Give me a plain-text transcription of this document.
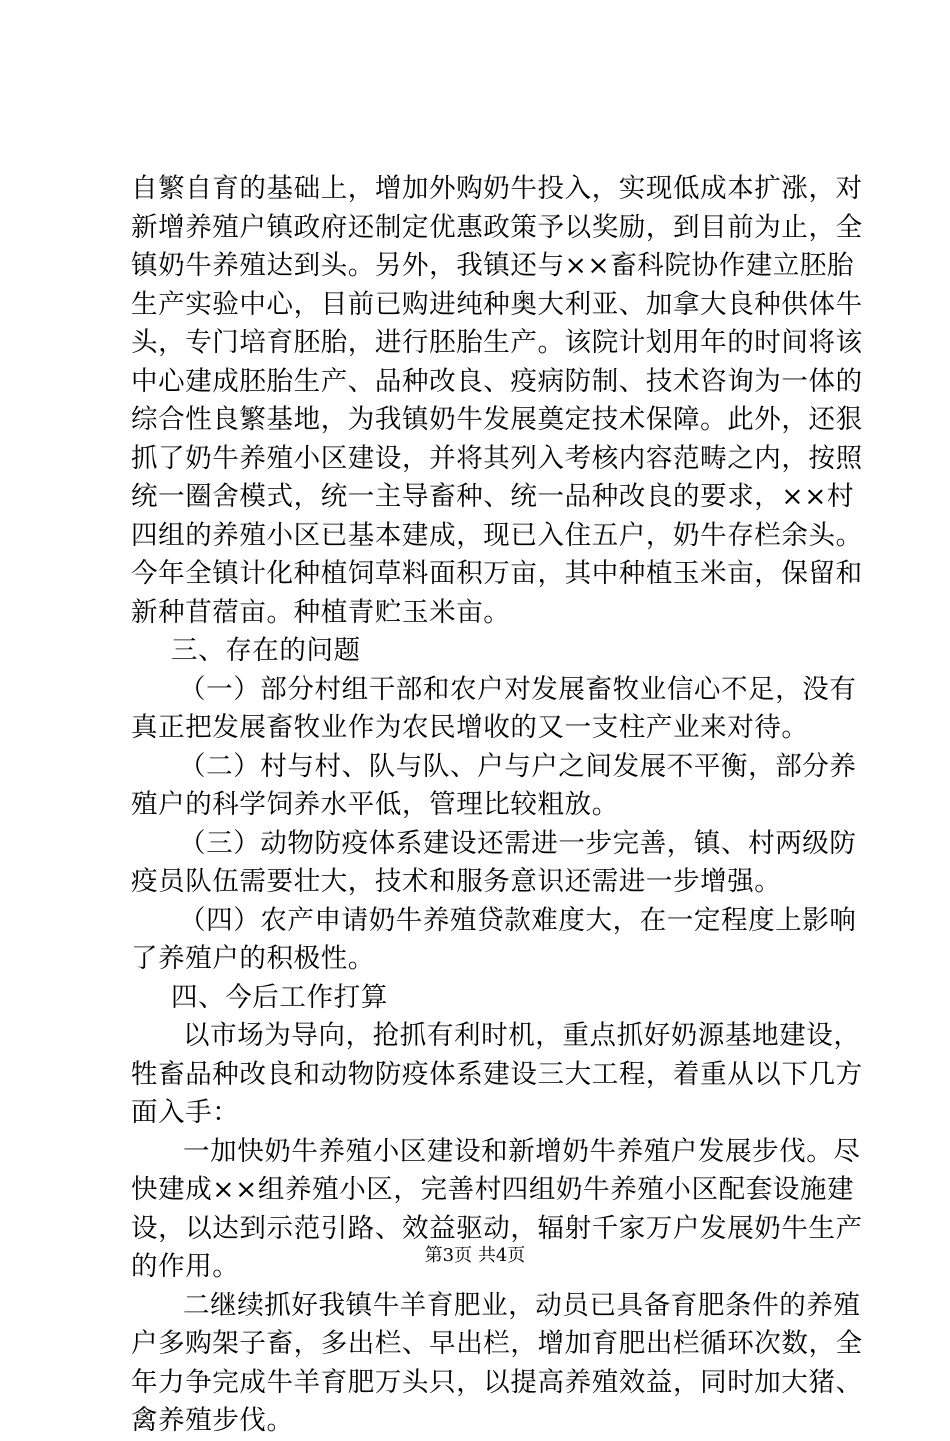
自繁自育的基础上，增加外购奶牛投入，实现低成本扩涨，对
新增养殖户镇政府还制定优惠政策予以奖励，到目前为止，全
镇奶牛养殖达到头。另外，我镇还与××畜科院协作建立胚胎
生产实验中心，目前已购进纯种奥大利亚、加拿大良种供体牛
头，专门培育胚胎，进行胚胎生产。该院计划用年的时间将该
中心建成胚胎生产、品种改良、疫病防制、技术咨询为一体的
综合性良繁基地，为我镇奶牛发展奠定技术保障。此外，还狠
抓了奶牛养殖小区建设，并将其列入考核内容范畴之内，按照
统一圈舍模式，统一主导畜种、统一品种改良的要求，××村
四组的养殖小区已基本建成，现已入住五户，奶牛存栏余头。
今年全镇计化种植饲草料面积万亩，其中种植玉米亩，保留和
新种苜蓿亩。种植青贮玉米亩。
三、存在的问题
（一）部分村组干部和农户对发展畜牧业信心不足，没有
真正把发展畜牧业作为农民增收的又一支柱产业来对待。
（二）村与村、队与队、户与户之间发展不平衡，部分养
殖户的科学饲养水平低，管理比较粗放。
（三）动物防疫体系建设还需进一步完善，镇、村两级防
疫员队伍需要壮大，技术和服务意识还需进一步增强。
（四）农产申请奶牛养殖贷款难度大，在一定程度上影响
了养殖户的积极性。
四、今后工作打算
以市场为导向，抢抓有利时机，重点抓好奶源基地建设，
牲畜品种改良和动物防疫体系建设三大工程，着重从以下几方
面入手：
一加快奶牛养殖小区建设和新增奶牛养殖户发展步伐。尽
快建成××组养殖小区，完善村四组奶牛养殖小区配套设施建
设，以达到示范引路、效益驱动，辐射千家万户发展奶牛生产
的作用。
二继续抓好我镇牛羊育肥业，动员已具备育肥条件的养殖
户多购架子畜，多出栏、早出栏，增加育肥出栏循环次数，全
年力争完成牛羊育肥万头只，以提高养殖效益，同时加大猪、
禽养殖步伐。
第3页 共4页
